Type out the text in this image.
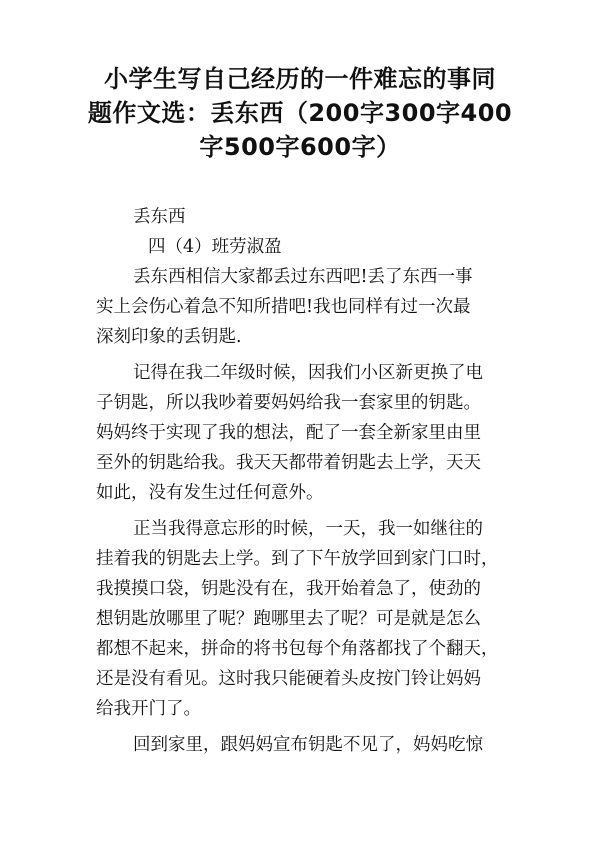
小学生写自己经历的一件难忘的事同
题作文选：丢东西（200字300字400
字500字600字）
丢东西
四（4）班劳淑盈
丢东西相信大家都丢过东西吧!丢了东西一事
实上会伤心着急不知所措吧!我也同样有过一次最
深刻印象的丢钥匙.
记得在我二年级时候，因我们小区新更换了电
子钥匙，所以我吵着要妈妈给我一套家里的钥匙。
妈妈终于实现了我的想法，配了一套全新家里由里
至外的钥匙给我。我天天都带着钥匙去上学，天天
如此，没有发生过任何意外。
正当我得意忘形的时候，一天，我一如继往的
挂着我的钥匙去上学。到了下午放学回到家门口时，
我摸摸口袋，钥匙没有在，我开始着急了，使劲的
想钥匙放哪里了呢？跑哪里去了呢？可是就是怎么
都想不起来，拼命的将书包每个角落都找了个翻天，
还是没有看见。这时我只能硬着头皮按门铃让妈妈
给我开门了。
回到家里，跟妈妈宣布钥匙不见了，妈妈吃惊
